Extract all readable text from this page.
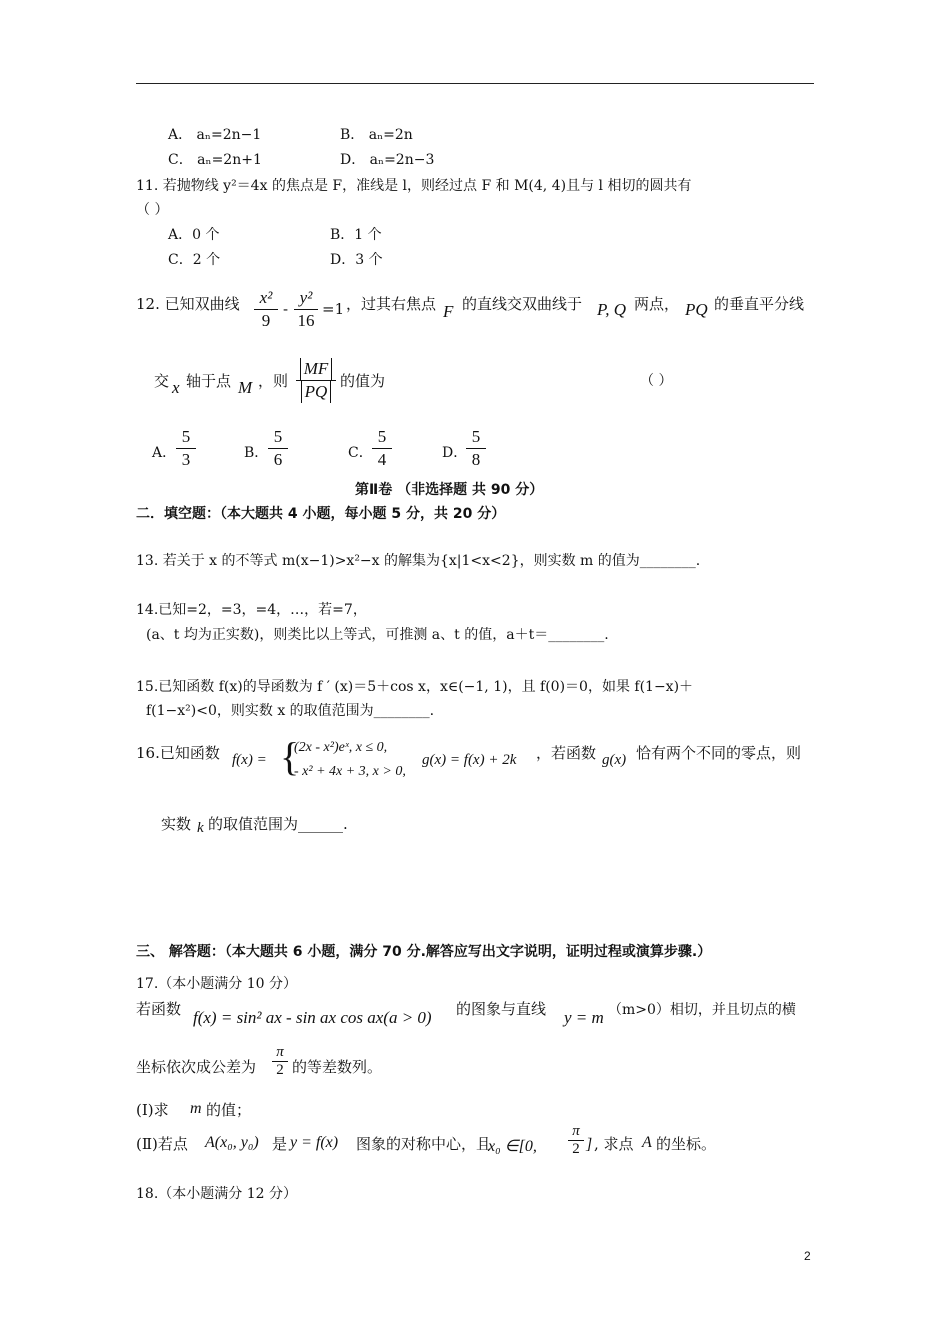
A． aₙ=2n−1	B． aₙ=2n
C． aₙ=2n+1	D． aₙ=2n−3
11. 若抛物线 y²＝4x 的焦点是 F，准线是 l，则经过点 F 和 M(4, 4)且与 l 相切的圆共有
（ ）
A．0 个	B．1 个
C．2 个	D．3 个
12. 已知双曲线	x²
9
-
y²
16
=1 ，过其右焦点 F 的直线交双曲线于 P, Q 两点， PQ 的垂直平分线
交 x 轴于点 M ，则
MF
PQ
的值为	（ ）
A．
5
3	B．
5
6	C．
5
4	D．
5
8
第Ⅱ卷 （非选择题 共 90 分）
二．填空题：（本大题共 4 小题，每小题 5 分，共 20 分）
13. 若关于 x 的不等式 m(x−1)>x²−x 的解集为{x|1<x<2}，则实数 m 的值为________.
14.已知=2，=3，=4，…，若=7，
(a、t 均为正实数)，则类比以上等式，可推测 a、t 的值，a＋t＝________.
15.已知函数 f(x)的导函数为 f ′ (x)＝5＋cos x，x∈(−1, 1)，且 f(0)＝0，如果 f(1−x)＋
f(1−x²)<0，则实数 x 的取值范围为________.
16.已知函数 f(x) = {
(2x - x²)eˣ, x ≤ 0,
- x² + 4x + 3, x > 0,
g(x) = f(x) + 2k ，若函数 g(x) 恰有两个不同的零点，则
实数 k 的取值范围为______.
三、 解答题：（本大题共 6 小题，满分 70 分.解答应写出文字说明，证明过程或演算步骤.）
17.（本小题满分 10 分）
若函数 f(x) = sin² ax - sin ax cos ax(a > 0) 的图象与直线 y = m （m>0）相切，并且切点的横
坐标依次成公差为
π
2 的等差数列。
(Ⅰ)求 m 的值；
(Ⅱ)若点 A(x₀, y₀) 是 y = f(x) 图象的对称中心，且
x₀ ∈[0,
π
2 ] , 求点 A 的坐标。
18.（本小题满分 12 分）
2
